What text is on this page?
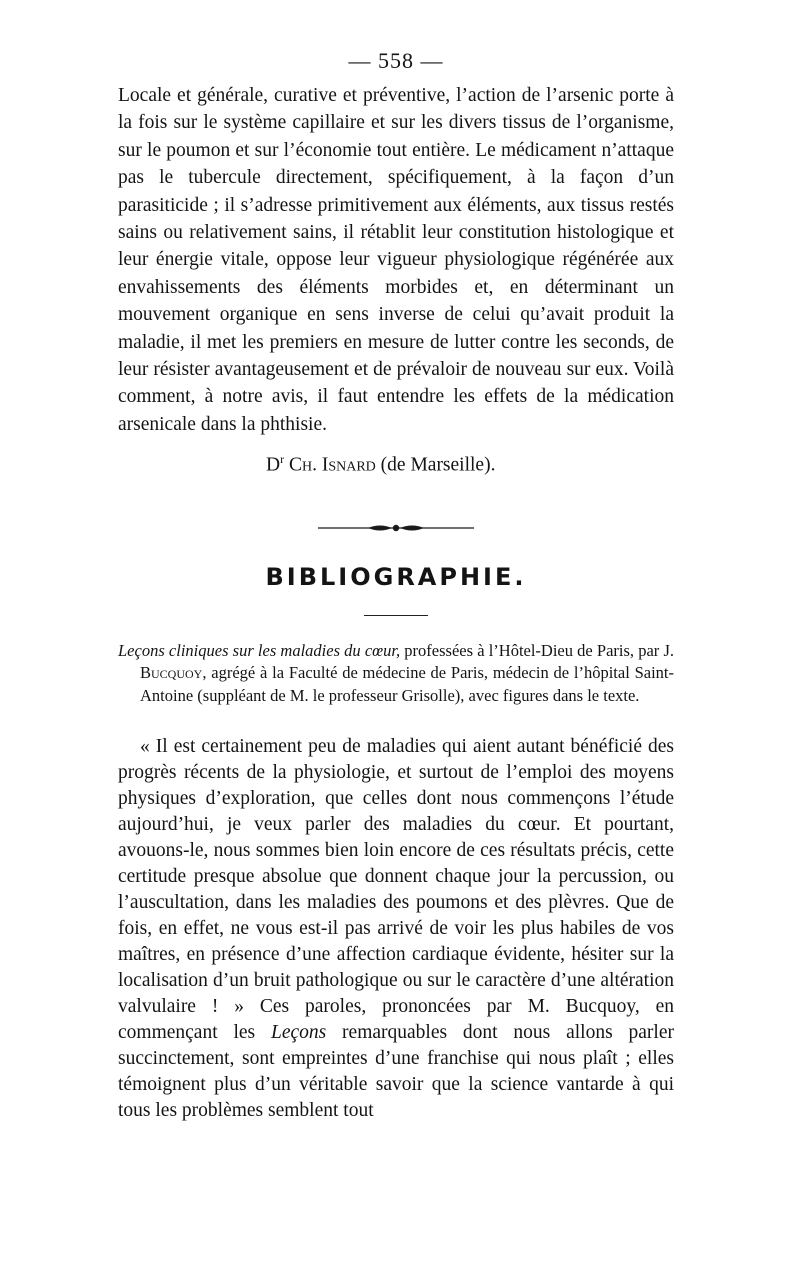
— 558 —

Locale et générale, curative et préventive, l’action de l’arsenic porte à la fois sur le système capillaire et sur les divers tissus de l’organisme, sur le poumon et sur l’économie tout entière. Le médicament n’attaque pas le tubercule directement, spécifiquement, à la façon d’un parasiticide ; il s’adresse primitivement aux éléments, aux tissus restés sains ou relativement sains, il rétablit leur constitution histologique et leur énergie vitale, oppose leur vigueur physiologique régénérée aux envahissements des éléments morbides et, en déterminant un mouvement organique en sens inverse de celui qu’avait produit la maladie, il met les premiers en mesure de lutter contre les seconds, de leur résister avantageusement et de prévaloir de nouveau sur eux. Voilà comment, à notre avis, il faut entendre les effets de la médication arsenicale dans la phthisie.

$D^r$ Ch. Isnard (de Marseille).

BIBLIOGRAPHIE.

Leçons cliniques sur les maladies du cœur, professées à l’Hôtel-Dieu de Paris, par J. Bucquoy, agrégé à la Faculté de médecine de Paris, médecin de l’hôpital Saint-Antoine (suppléant de M. le professeur Grisolle), avec figures dans le texte.

« Il est certainement peu de maladies qui aient autant bénéficié des progrès récents de la physiologie, et surtout de l’emploi des moyens physiques d’exploration, que celles dont nous commençons l’étude aujourd’hui, je veux parler des maladies du cœur. Et pourtant, avouons-le, nous sommes bien loin encore de ces résultats précis, cette certitude presque absolue que donnent chaque jour la percussion, ou l’auscultation, dans les maladies des poumons et des plèvres. Que de fois, en effet, ne vous est-il pas arrivé de voir les plus habiles de vos maîtres, en présence d’une affection cardiaque évidente, hésiter sur la localisation d’un bruit pathologique ou sur le caractère d’une altération valvulaire ! » Ces paroles, prononcées par M. Bucquoy, en commençant les Leçons remarquables dont nous allons parler succinctement, sont empreintes d’une franchise qui nous plaît ; elles témoignent plus d’un véritable savoir que la science vantarde à qui tous les problèmes semblent tout
